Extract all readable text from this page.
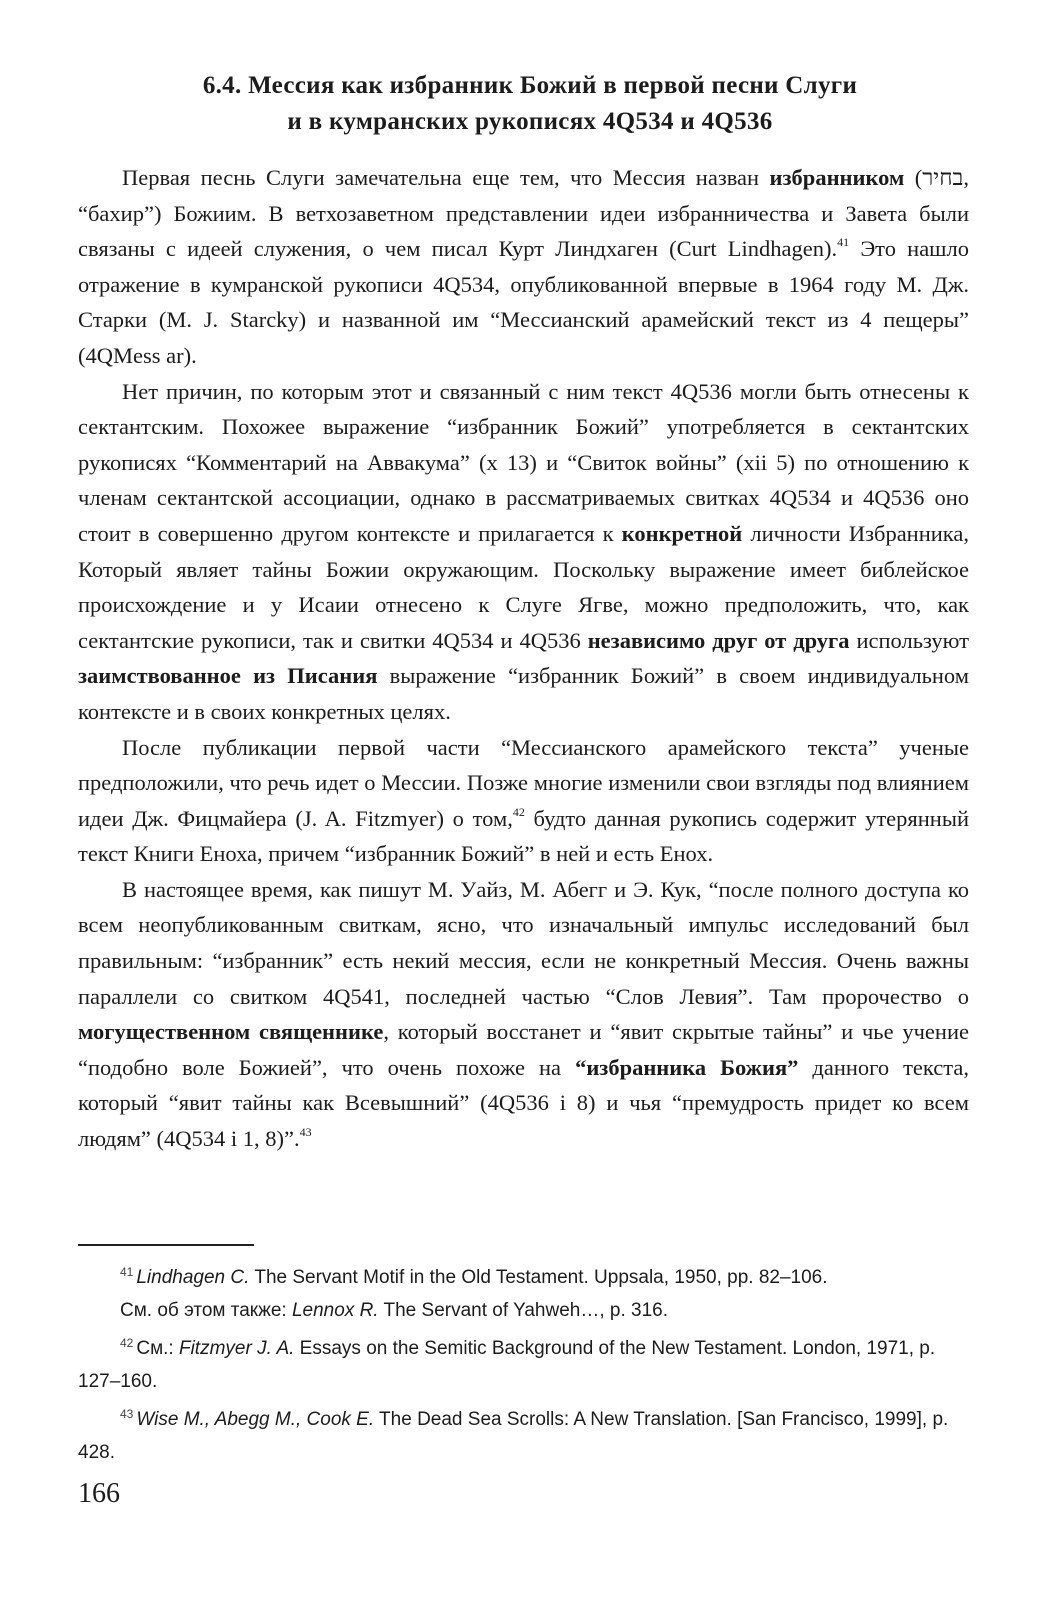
6.4. Мессия как избранник Божий в первой песни Слуги
и в кумранских рукописях 4Q534 и 4Q536

Первая песнь Слуги замечательна еще тем, что Мессия назван избранником (בחיר, “бахир”) Божиим. В ветхозаветном представлении идеи избранничества и Завета были связаны с идеей служения, о чем писал Курт Линдхаген (Curt Lindhagen).$^{41}$ Это нашло отражение в кумранской рукописи 4Q534, опубликованной впервые в 1964 году М. Дж. Старки (M. J. Starcky) и названной им “Мессианский арамейский текст из 4 пещеры” (4QMess ar).

Нет причин, по которым этот и связанный с ним текст 4Q536 могли быть отнесены к сектантским. Похожее выражение “избранник Божий” употребляется в сектантских рукописях “Комментарий на Аввакума” (x 13) и “Свиток войны” (xii 5) по отношению к членам сектантской ассоциации, однако в рассматриваемых свитках 4Q534 и 4Q536 оно стоит в совершенно другом контексте и прилагается к конкретной личности Избранника, Который являет тайны Божии окружающим. Поскольку выражение имеет библейское происхождение и у Исаии отнесено к Слуге Ягве, можно предположить, что, как сектантские рукописи, так и свитки 4Q534 и 4Q536 независимо друг от друга используют заимствованное из Писания выражение “избранник Божий” в своем индивидуальном контексте и в своих конкретных целях.

После публикации первой части “Мессианского арамейского текста” ученые предположили, что речь идет о Мессии. Позже многие изменили свои взгляды под влиянием идеи Дж. Фицмайера (J. A. Fitzmyer) о том,$^{42}$ будто данная рукопись содержит утерянный текст Книги Еноха, причем “избранник Божий” в ней и есть Енох.

В настоящее время, как пишут М. Уайз, М. Абегг и Э. Кук, “после полного доступа ко всем неопубликованным свиткам, ясно, что изначальный импульс исследований был правильным: “избранник” есть некий мессия, если не конкретный Мессия. Очень важны параллели со свитком 4Q541, последней частью “Слов Левия”. Там пророчество о могущественном священнике, который восстанет и “явит скрытые тайны” и чье учение “подобно воле Божией”, что очень похоже на “избранника Божия” данного текста, который “явит тайны как Всевышний” (4Q536 i 8) и чья “премудрость придет ко всем людям” (4Q534 i 1, 8)”.$^{43}$

$^{41}$ Lindhagen C. The Servant Motif in the Old Testament. Uppsala, 1950, pp. 82–106.

См. об этом также: Lennox R. The Servant of Yahweh…, p. 316.

$^{42}$ См.: Fitzmyer J. A. Essays on the Semitic Background of the New Testament. London, 1971, p. 127–160.

$^{43}$ Wise M., Abegg M., Cook E. The Dead Sea Scrolls: A New Translation. [San Francisco, 1999], p. 428.

166
